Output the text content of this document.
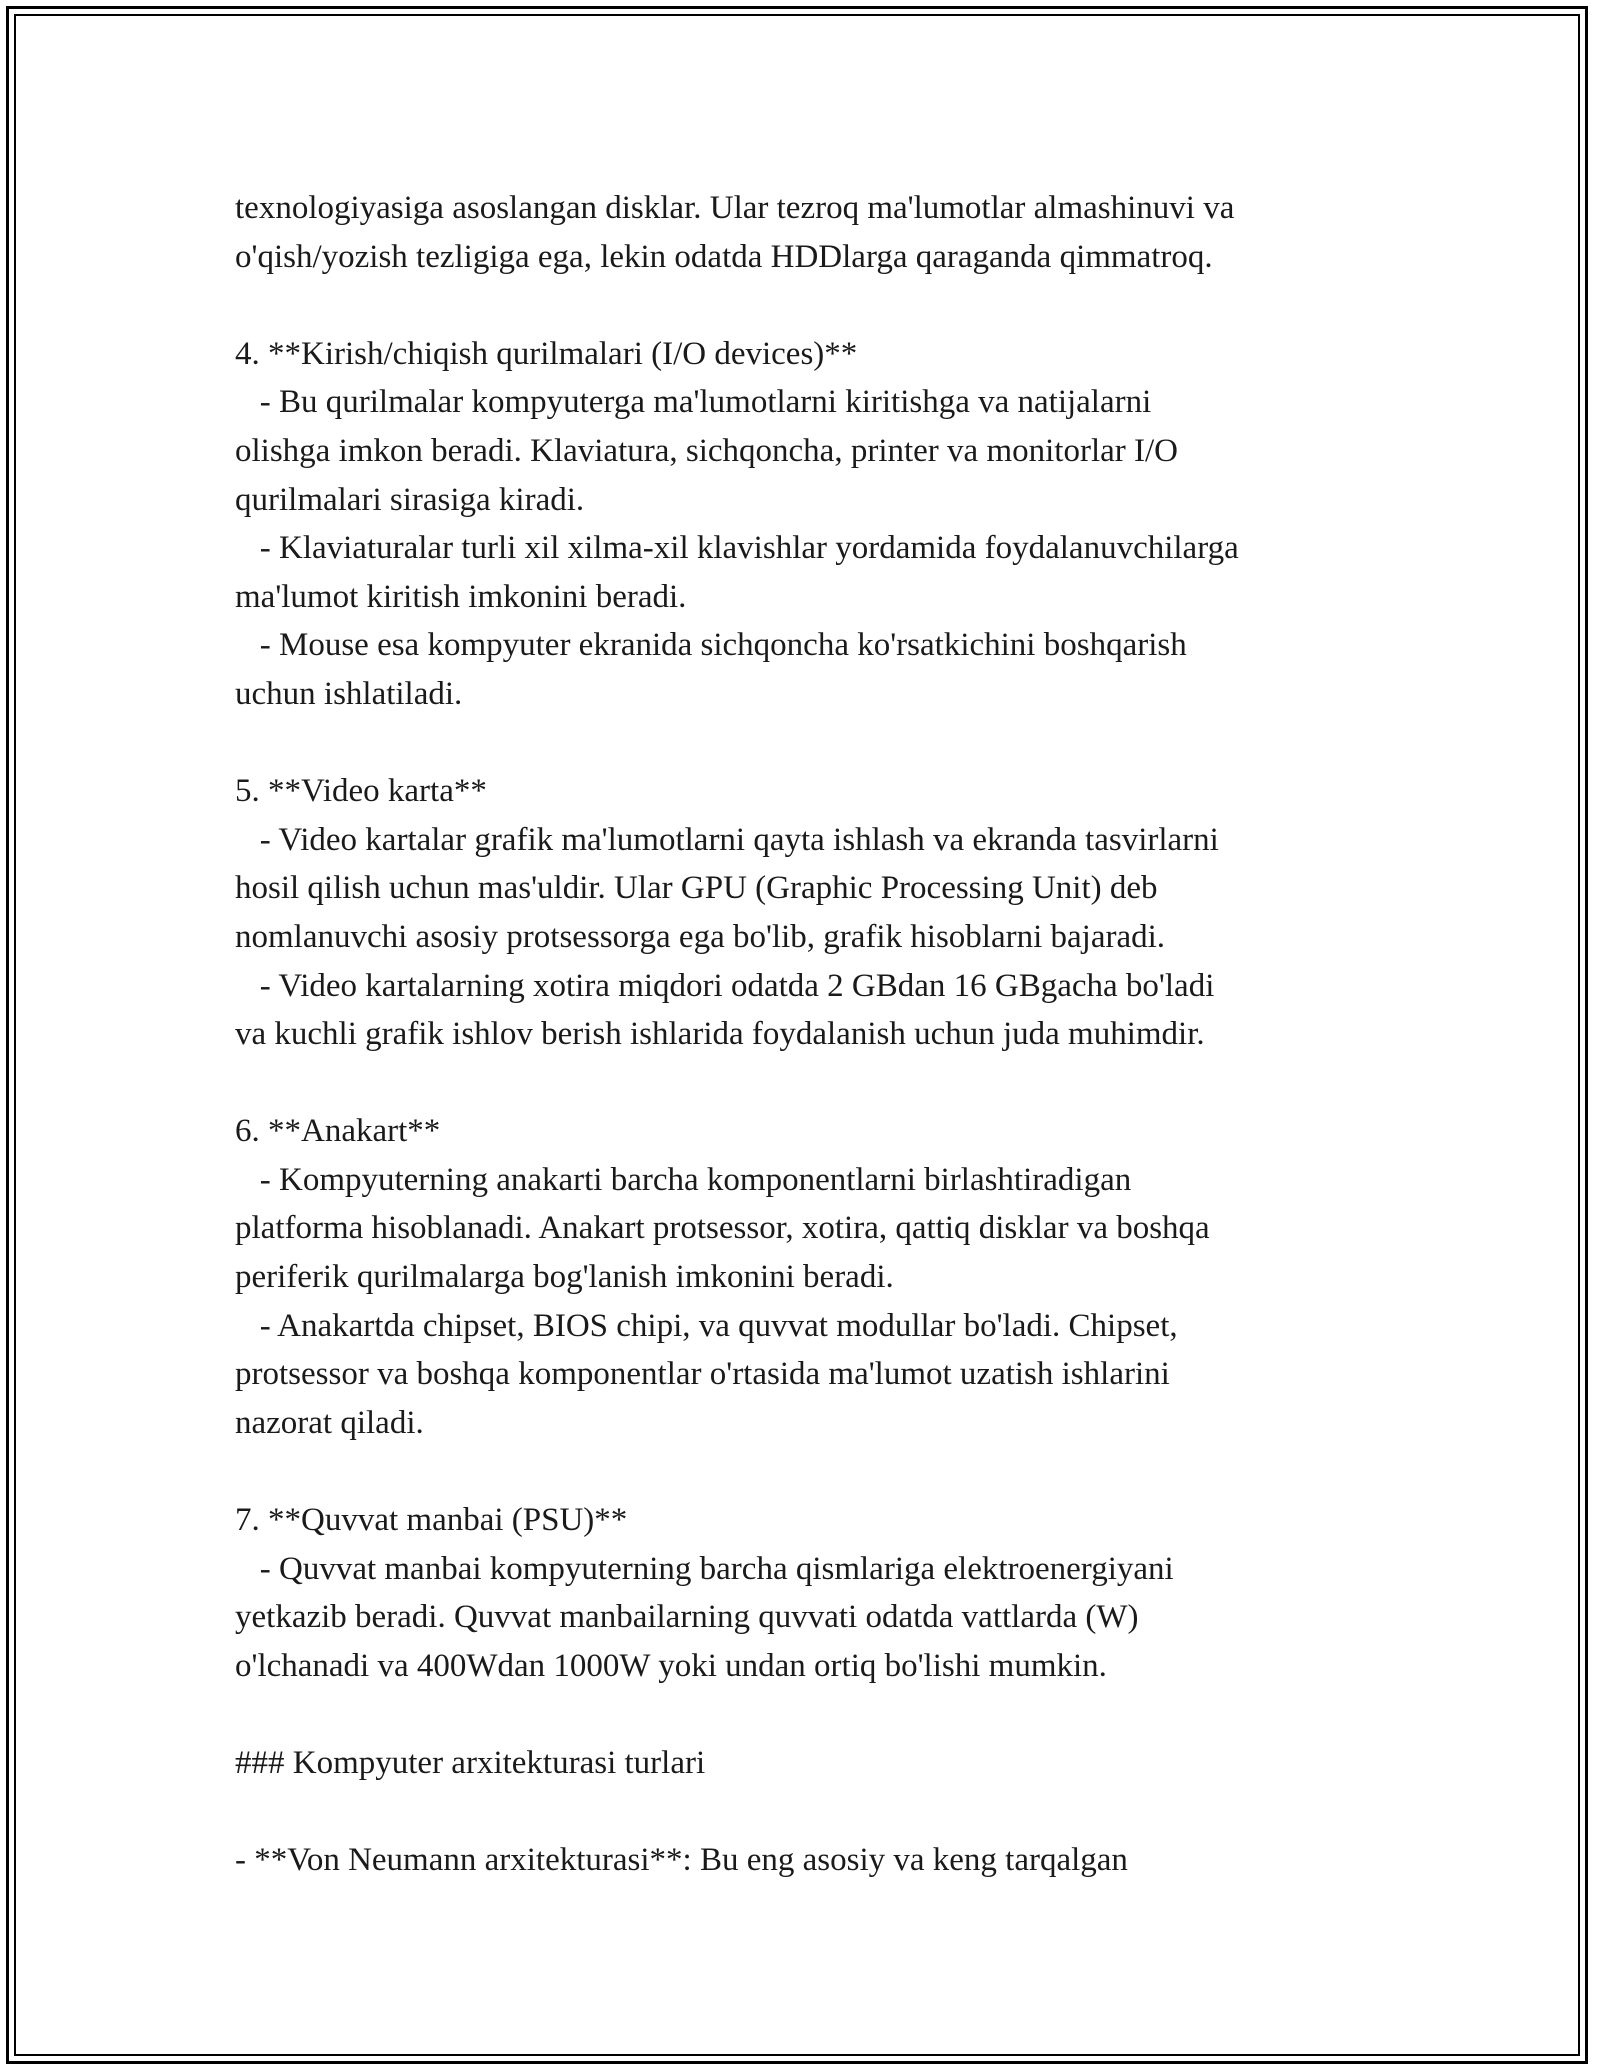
texnologiyasiga asoslangan disklar. Ular tezroq ma'lumotlar almashinuvi va
o'qish/yozish tezligiga ega, lekin odatda HDDlarga qaraganda qimmatroq.
4. **Kirish/chiqish qurilmalari (I/O devices)**
- Bu qurilmalar kompyuterga ma'lumotlarni kiritishga va natijalarni
olishga imkon beradi. Klaviatura, sichqoncha, printer va monitorlar I/O
qurilmalari sirasiga kiradi.
- Klaviaturalar turli xil xilma-xil klavishlar yordamida foydalanuvchilarga
ma'lumot kiritish imkonini beradi.
- Mouse esa kompyuter ekranida sichqoncha ko'rsatkichini boshqarish
uchun ishlatiladi.
5. **Video karta**
- Video kartalar grafik ma'lumotlarni qayta ishlash va ekranda tasvirlarni
hosil qilish uchun mas'uldir. Ular GPU (Graphic Processing Unit) deb
nomlanuvchi asosiy protsessorga ega bo'lib, grafik hisoblarni bajaradi.
- Video kartalarning xotira miqdori odatda 2 GBdan 16 GBgacha bo'ladi
va kuchli grafik ishlov berish ishlarida foydalanish uchun juda muhimdir.
6. **Anakart**
- Kompyuterning anakarti barcha komponentlarni birlashtiradigan
platforma hisoblanadi. Anakart protsessor, xotira, qattiq disklar va boshqa
periferik qurilmalarga bog'lanish imkonini beradi.
- Anakartda chipset, BIOS chipi, va quvvat modullar bo'ladi. Chipset,
protsessor va boshqa komponentlar o'rtasida ma'lumot uzatish ishlarini
nazorat qiladi.
7. **Quvvat manbai (PSU)**
- Quvvat manbai kompyuterning barcha qismlariga elektroenergiyani
yetkazib beradi. Quvvat manbailarning quvvati odatda vattlarda (W)
o'lchanadi va 400Wdan 1000W yoki undan ortiq bo'lishi mumkin.
### Kompyuter arxitekturasi turlari
- **Von Neumann arxitekturasi**: Bu eng asosiy va keng tarqalgan
